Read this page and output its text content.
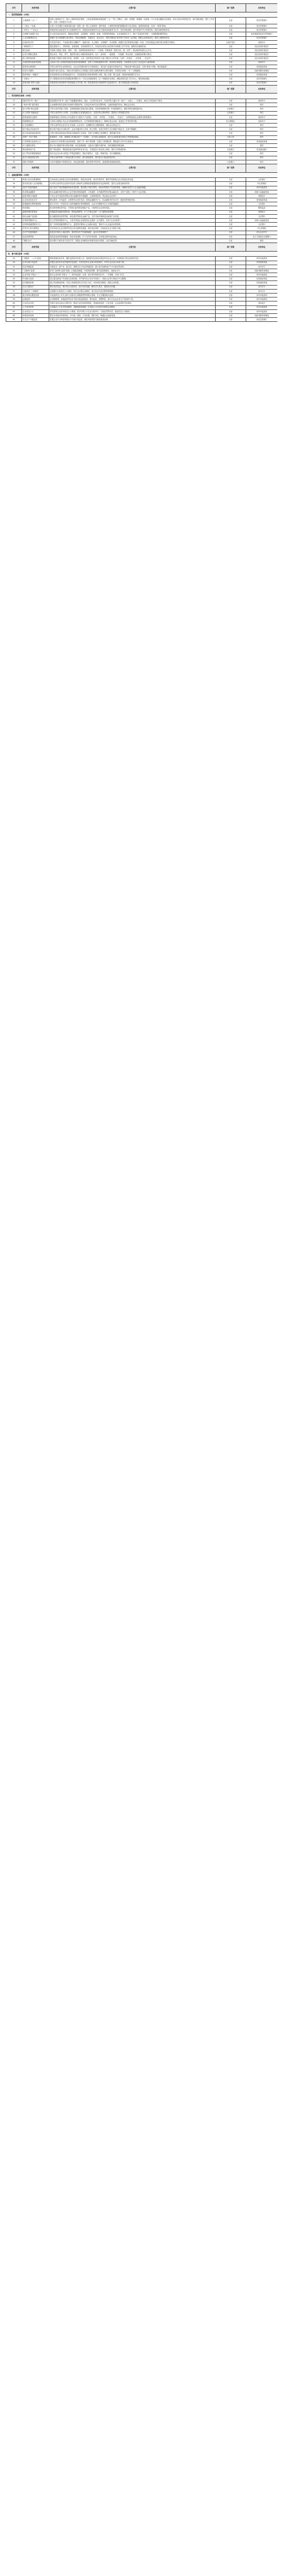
序号	改革举措	主要内容	推广范围	负责单位
一、投资管理领域（16项）				
1	土地调查“三合一”	创新土地调查方式，推行土地利用现状调查、土地变更调查和遥感监测“三合一”的工作模式，以统一底图统一数据统一标准统一平台实施全覆盖动态调查，同步完成多项调查任务，减少重复调查，提升工作效率，实现一次调查多方共享。	全省	省自然资源厅
2	“三规合一”标准	以第三次全国国土调查成果为统一底图，统一国土空间规划、城乡规划、土地利用规划的数据标准与技术规范，推进规划衔接，实现“一张图”管理。	全省	省自然资源厅
3	“多审合一”“多证合一”	将建设项目选址意见书与用地预审合并，将建设用地规划许可证与建设用地批准书合并，优化审批流程，减少审批环节与申报材料，提高用地审批效率。	全省	省自然资源厅
4	全流程“标准地”出让	出让前完成区域评估，明确亩均投资、亩均税收、容积率、能耗、环境等控制指标，企业拿地即可开工，推行“先承诺后审批”，全流程跟踪履约情况。	全省	省发展改革委省自然资源厅
5	工业用地弹性出让	根据产业生命周期与项目特点，采取长期租赁、先租后让、租让结合、弹性年期出让等多种方式供应工业用地，降低企业用地成本，提高土地利用效率。	全省	省自然资源厅
6	区域评估共享	在各类开发区、产业园区推行压覆矿产、地质灾害、水土保持、文物保护、洪水影响、地震安全性等事项区域统一评估，评估结果由区域内项目免费共享使用。	全省开发区	省商务厅
7	“拿地即开工”	通过提前介入、并联审批、容缺受理、告知承诺等方式，实现项目取得土地后即可办理施工许可手续，缩短项目落地时间。	全省	省住房城乡建设厅
8	联合验收	对建设工程竣工规划、消防、人防、档案等验收事项实行“一口受理、并联验收、限时办结、统一出件”，推动验收结果互认共享。	全省	省住房城乡建设厅
9	水电气网联合报装	整合供水、供电、供气、通信等市政公用服务报装事项，实行一表申请、一窗受理、一次踏勘、联合验收，压缩报装时限与费用。	全省	省住房城乡建设厅
10	施工图审查改革	推进施工图数字化联合审查，将消防、人防、技防等技术审查并入施工图设计文件审查，实现“一次送审、一次审查、一次出件”。	全省	省住房城乡建设厅
11	外商投资负面清单管理	全面实行准入前国民待遇加负面清单管理制度，清单之外领域按照内外资一致原则实施管理，外商投资企业设立及变更实行备案管理。	全省	省商务厅
12	投资项目承诺制	对符合条件的企业投资项目，由企业对照标准作出书面承诺后，相关部门直接作出审批决定，并强化事中事后监管，实现“事前少审批、事后强监管”。	全省	省发展改革委
13	项目代办服务	组建专业代办队伍，为重点项目提供从立项到竣工验收全流程免费代办帮办服务，实现项目审批“一对一”全程跟踪。	全省	省政务服务管理局
14	投资审批“一网通办”	依托投资项目在线审批监管平台，实现投资项目审批事项网上申报、网上办理、网上监管，推进审批数据共享互认。	全省	省发展改革委
15	“多测合一”	对工程建设项目涉及的测绘事项整合为一个综合性测绘事项，由一家测绘单位承担，测绘成果各部门共享互认，避免重复测绘。	全省	省自然资源厅
16	建设用地“预审+选址”	将建设项目用地预审与规划选址合并办理，统一核发建设项目用地预审与选址意见书，减少审批层级与申请材料。	全省	省自然资源厅
序号	改革举措	主要内容	推广范围	负责单位
二、贸易便利化领域（16项）				
17	国际贸易“单一窗口”	推进国际贸易“单一窗口”功能覆盖到海运、陆运、空运等各类业务，实现申报人通过“单一窗口”一点接入、一次提交，满足口岸监管部门要求。	全省	省商务厅
18	“两步申报”通关模式	企业概要申报后经海关同意即可提离货物，在规定时间内完成完整申报，压缩货物通关时间，降低企业成本。	全省	海关
19	进口货物“船边直提”	对符合条件的进口货物，在船舶抵港后直接在船边提离，实现货物卸船后第一时间提离码头，缩短货物在港停留时间。	全省港口	海关
20	出口货物“抵港直装”	对符合条件的出口货物，在运抵港区后直接装船出运，无需在码头堆场等待，提高出口货物通关效率。	全省港口	海关
21	跨境电商综合服务	建设跨境电子商务线上综合服务平台和线下产业园区，实现“一次申报、一次查验、一次放行”，为跨境电商企业提供全链条服务。	全省	省商务厅
22	保税维修业务	支持综合保税区内企业开展保税维修业务，允许维修物料保税进口，维修后复运出境，促进加工贸易转型升级。	综合保税区	省商务厅
23	汇总征税模式	对符合条件的企业实行汇总征税，企业可在一定期限内汇总缴纳税款，减轻企业资金压力。	全省	海关
24	原产地证书自助打印	推行原产地证书自助打印，企业可通过网上申请、网上审核、自助打印的方式办理原产地证书，实现“零跑腿”。	全省	海关
25	进口食品检验监管优化	对进口预包装食品标签检验实施监管方式改革，实施“合格假定”监管模式，提高通关效率。	全省	海关
26	货物“一站式”查验	推进海关、边检、海事等口岸查验单位“一次查验”，实行联合登临检查，减少企业重复提交材料与货物重复查验。	全省口岸	海关
27	口岸收费目录清单公示	全面实行口岸收费目录清单制度，清单之外一律不得收费，定期公示收费标准，降低进出口环节合规成本。	全省	省发展改革委
28	出口退税无纸化	推行出口退税申报无纸化管理，优化退税流程，压缩出口退税办理时间，加快退税款到账速度。	全省	税务
29	海运提单电子化	推广海运提单、集装箱设备交接单等单证电子化，实现进出口单证线上流转，提升口岸物流效率。	全省港口	省交通运输厅
30	加工贸易手册管理改革	推行以企业为单元的加工贸易监管模式，简化手册设立、变更、核销手续，实行周期核销。	全省	海关
31	进出口商品检验采信	对符合条件的第三方检验结果予以采信，减少重复检验，提升进出口商品检验效率。	全省	海关
32	国际中转集拼	支持开展国际中转集拼业务，优化监管流程，提高货物中转效率，促进国际物流枢纽建设。	全省港口	海关
序号	改革举措	主要内容	推广范围	负责单位
三、金融创新领域（16项）				
33	跨境人民币结算便利化	支持优质企业跨境人民币结算便利化，简化单证审核，推动货物贸易、服务贸易跨境人民币结算业务发展。	全省	人民银行
34	资本项目收入支付便利化	允许符合条件的企业资本项目收入使用时无需事前逐笔提供真实性证明材料，提升企业资金使用效率。	全省	外汇管理局
35	知识产权质押融资	建立知识产权质押融资风险补偿机制，推动银行开展专利权、商标权等知识产权质押贷款，缓解科技型中小企业融资难题。	全省	省市场监管局
36	供应链金融服务	推动金融机构依托核心企业开展应收账款融资、订单融资、存货融资等供应链金融业务，支持产业链上下游中小企业发展。	全省	省地方金融监管局
37	政府采购合同融资	中标企业可凭政府采购合同向金融机构申请融资，无需抵押担保，资金直达企业账户。	全省	省财政厅
38	企业信用信息共享	整合税务、市场监管、社保等涉企信用信息，搭建金融服务平台，向金融机构开放共享，提高信贷审批效率。	全省	省发展改革委
39	跨境融资宏观审慎管理	推行本外币一体化的全口径跨境融资宏观审慎管理，企业可在额度内自主开展跨境融资。	全省	人民银行
40	科技保险	推出研发费用损失险、专利执行险等科技保险产品，分散科技企业研发风险。	全省	银保监局
41	融资担保体系建设	构建政府性融资担保体系，降低担保费率，扩大小微企业和“三农”融资担保规模。	全省	省财政厅
42	绿色金融产品创新	推出碳排放权质押贷款、绿色债券等绿色金融产品，支持节能环保和清洁能源产业发展。	全省	人民银行
43	首贷续贷服务中心	设立首贷续贷服务中心，为首次贷款企业和续贷企业提供一站式服务，实现“无还本续贷”。	全省	省地方金融监管局
44	应收账款融资服务平台	推广应收账款融资服务平台，促进供应链核心企业确认账款，帮助中小企业盘活应收账款。	全省	人民银行
45	贸易外汇收支便利化	对信用优良企业实施贸易外汇收支便利化措施，简化单证审核，实现优质企业“秒级”办理。	全省	外汇管理局
46	农村产权抵押融资	推进农村承包土地经营权、林权等农村产权抵押融资，盘活农村资源资产。	全省	省农业农村厅
47	创业担保贷款	提高创业担保贷款额度，简化申请流程，扩大支持对象范围，支持重点群体创业就业。	全省	省人力资源社会保障厅
48	“银税互动”	推动银行与税务部门信息共享，依据企业纳税信用等级发放信用贷款，以信用换信贷。	全省	税务
序号	改革举措	主要内容	推广范围	负责单位
四、事中事后监管（16项）				
49	“双随机、一公开”监管	随机抽取检查对象、随机选派执法检查人员，抽查情况及查处结果及时向社会公开，实现跨部门联合抽查常态化。	全省	省市场监管局
50	信用分级分类监管	依据企业信用状况实施差异化监管，对信用良好企业减少检查频次，对失信企业加大检查力度。	全省	省发展改革委
51	包容审慎监管	对新技术、新产业、新业态、新模式实行包容审慎监管，推行首次轻微违法不予行政处罚清单。	全省	省司法厅
52	“互联网+监管”	依托“互联网+监管”系统，汇聚监管数据，开展风险预警，提升监管精准化、智能化水平。	全省	省政务服务管理局
53	企业年报“多报合一”	推行企业年报“多报合一”，将市场监管、社保、统计等年报事项合并，一次填报、多部门共享。	全省	省市场监管局
54	失信联合惩戒	建立健全跨部门失信联合惩戒机制，对严重失信主体在市场准入、资质认定等方面依法予以限制。	全省	省发展改革委
55	信用修复机制	建立信用修复机制，失信主体按要求纠正失信行为后，可申请信用修复，鼓励主动纠错。	全省	省发展改革委
56	综合行政执法	整合执法队伍，推行综合行政执法，减少执法层级，解决多头执法、重复执法问题。	全省	省司法厅
57	行政执法“三项制度”	全面推行行政执法公示制度、执法全过程记录制度、重大执法决定法制审核制度。	全省	省司法厅
58	重点领域全覆盖监管	对直接涉及公共安全和人民群众生命健康等特殊重点领域，实行全覆盖重点监管。	全省	省市场监管局
59	远程监管	运用物联网、视频监控等技术手段开展远程监管、移动监管、预警防控，减少对企业正常生产经营的干扰。	全省	省市场监管局
60	行业协会自律	发挥行业协会商会自律作用，推动行业信用体系建设，形成政府监管、行业自律、社会监督的共治格局。	全省	省民政厅
61	公平竞争审查	全面落实公平竞争审查制度，清理废除妨碍统一市场和公平竞争的各种规定和做法。	全省	省市场监管局
62	企业信息公示	依托国家企业信用信息公示系统，依法归集公示企业行政许可、行政处罚等信息，推进信息公开透明。	全省	省市场监管局
63	举报投诉处理	整合各类投诉举报热线，实行统一受理、分类处置、限时办结，畅通社会监督渠道。	全省	省政务服务管理局
64	安全生产分级监管	依据企业安全风险等级实行分级分类监管，强化风险管控与隐患排查治理。	全省	省应急管理厅
